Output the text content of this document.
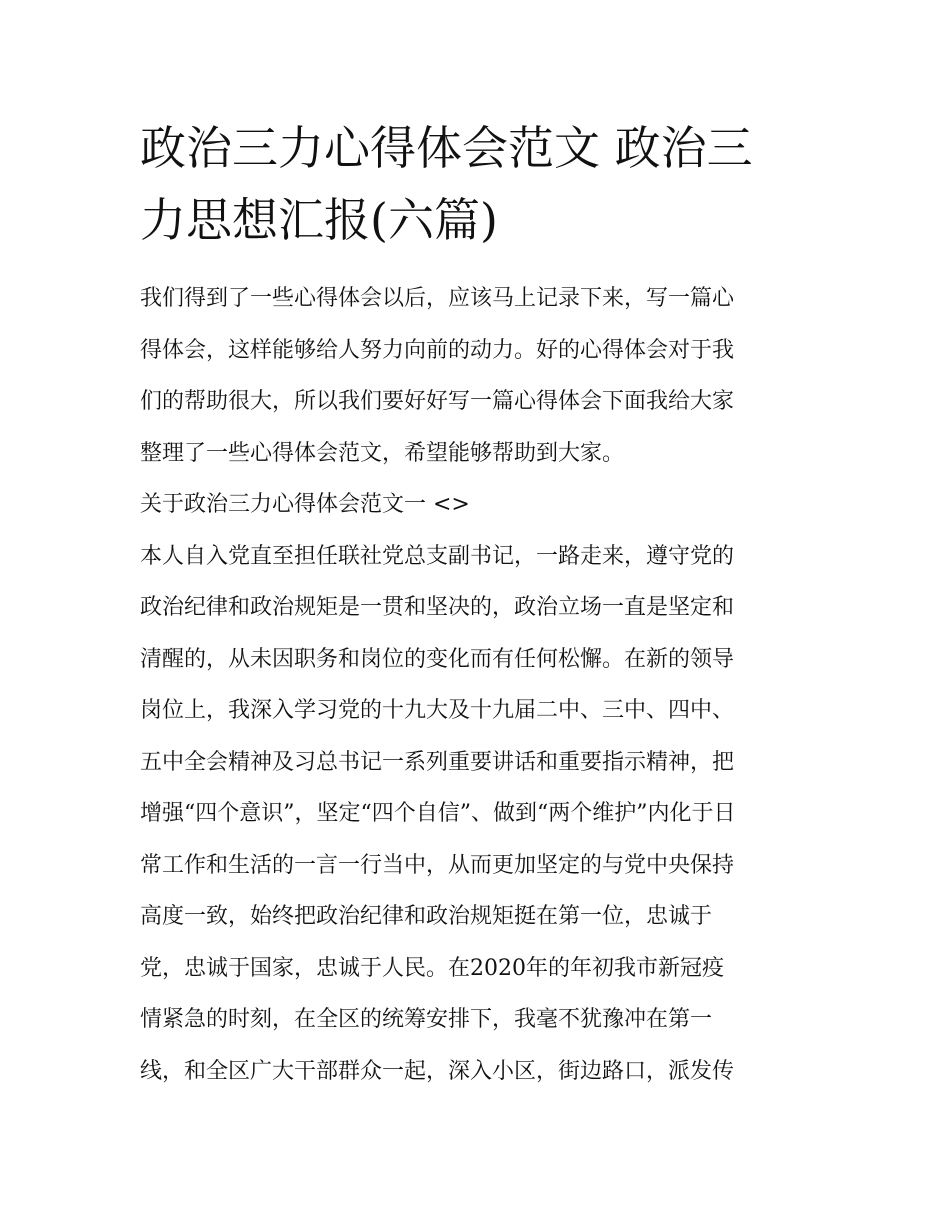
政治三力心得体会范文 政治三
力思想汇报(六篇)
我们得到了一些心得体会以后，应该马上记录下来，写一篇心
得体会，这样能够给人努力向前的动力。好的心得体会对于我
们的帮助很大，所以我们要好好写一篇心得体会下面我给大家
整理了一些心得体会范文，希望能够帮助到大家。
关于政治三力心得体会范文一 <>
本人自入党直至担任联社党总支副书记，一路走来，遵守党的
政治纪律和政治规矩是一贯和坚决的，政治立场一直是坚定和
清醒的，从未因职务和岗位的变化而有任何松懈。在新的领导
岗位上，我深入学习党的十九大及十九届二中、三中、四中、
五中全会精神及习总书记一系列重要讲话和重要指示精神，把
增强“四个意识”，坚定“四个自信”、做到“两个维护”内化于日
常工作和生活的一言一行当中，从而更加坚定的与党中央保持
高度一致，始终把政治纪律和政治规矩挺在第一位，忠诚于
党，忠诚于国家，忠诚于人民。在2020年的年初我市新冠疫
情紧急的时刻，在全区的统筹安排下，我毫不犹豫冲在第一
线，和全区广大干部群众一起，深入小区，街边路口，派发传
